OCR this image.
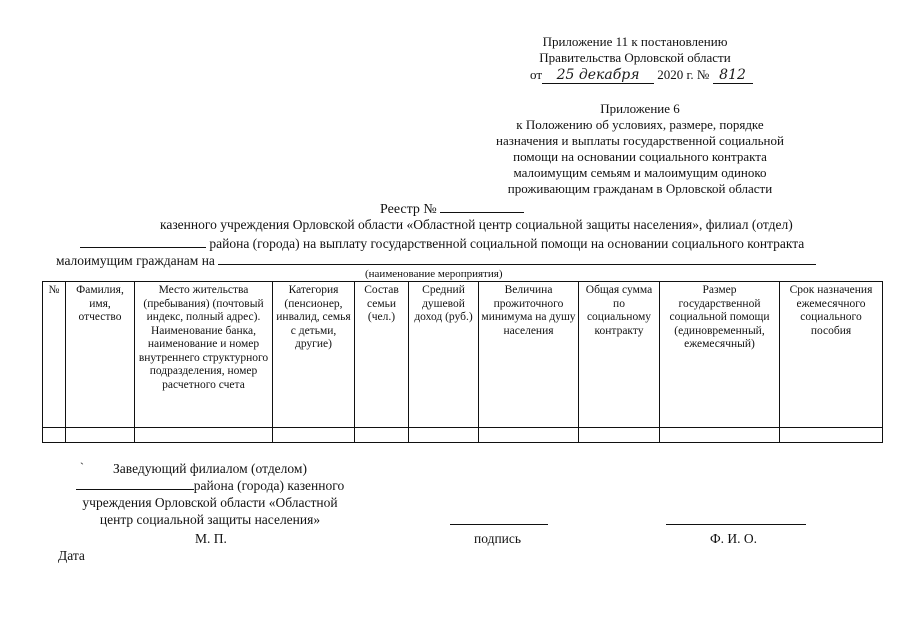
Приложение 11 к постановлению
Правительства Орловской области
от 25 декабря 2020 г. № 812
Приложение 6
к Положению об условиях, размере, порядке
назначения и выплаты государственной социальной
помощи на основании социального контракта
малоимущим семьям и малоимущим одиноко
проживающим гражданам в Орловской области
Реестр №
казенного учреждения Орловской области «Областной центр социальной защиты населения», филиал (отдел)
района (города) на выплату государственной социальной помощи на основании социального контракта
малоимущим гражданам на
(наименование мероприятия)
№	Фамилия, имя, отчество	Место жительства (пребывания) (почтовый индекс, полный адрес). Наименование банка, наименование и номер внутреннего структурного подразделения, номер расчетного счета	Категория (пенсионер, инвалид, семья с детьми, другие)	Состав семьи (чел.)	Средний душевой доход (руб.)	Величина прожиточного минимума на душу населения	Общая сумма по социальному контракту	Размер государственной социальной помощи (единовременный, ежемесячный)	Срок назначения ежемесячного социального пособия

`	Заведующий филиалом (отделом)
района (города) казенного
учреждения Орловской области «Областной
центр социальной защиты населения»
М. П.	подпись	Ф. И. О.
Дата
